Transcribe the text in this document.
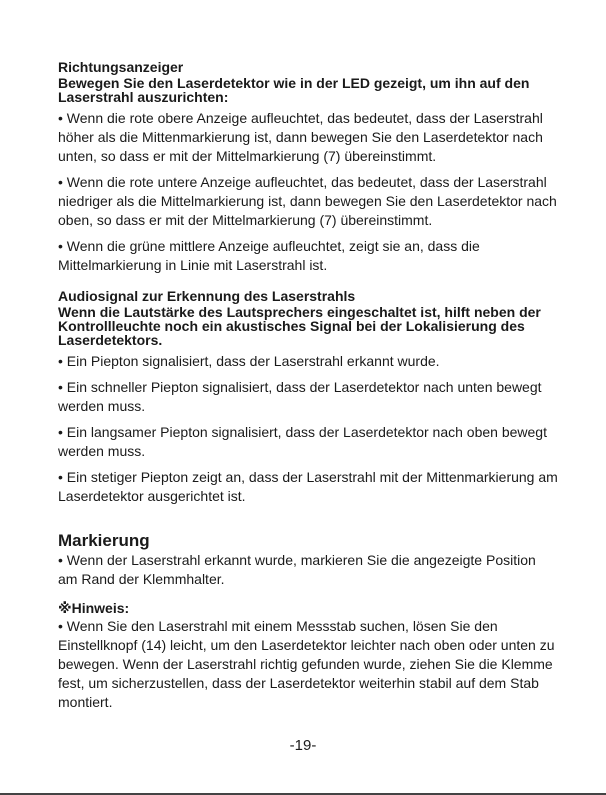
Richtungsanzeiger

Bewegen Sie den Laserdetektor wie in der LED gezeigt, um ihn auf den Laserstrahl auszurichten:

• Wenn die rote obere Anzeige aufleuchtet, das bedeutet, dass der Laserstrahl höher als die Mittenmarkierung ist, dann bewegen Sie den Laserdetektor nach unten, so dass er mit der Mittelmarkierung (7) übereinstimmt.

• Wenn die rote untere Anzeige aufleuchtet, das bedeutet, dass der Laserstrahl niedriger als die Mittelmarkierung ist, dann bewegen Sie den Laserdetektor nach oben, so dass er mit der Mittelmarkierung (7) übereinstimmt.

• Wenn die grüne mittlere Anzeige aufleuchtet, zeigt sie an, dass die Mittelmarkierung in Linie mit Laserstrahl ist.

Audiosignal zur Erkennung des Laserstrahls

Wenn die Lautstärke des Lautsprechers eingeschaltet ist, hilft neben der Kontrollleuchte noch ein akustisches Signal bei der Lokalisierung des Laserdetektors.

• Ein Piepton signalisiert, dass der Laserstrahl erkannt wurde.

• Ein schneller Piepton signalisiert, dass der Laserdetektor nach unten bewegt werden muss.

• Ein langsamer Piepton signalisiert, dass der Laserdetektor nach oben bewegt werden muss.

• Ein stetiger Piepton zeigt an, dass der Laserstrahl mit der Mittenmarkierung am Laserdetektor ausgerichtet ist.

Markierung

• Wenn der Laserstrahl erkannt wurde, markieren Sie die angezeigte Position am Rand der Klemmhalter.

※Hinweis:

• Wenn Sie den Laserstrahl mit einem Messstab suchen, lösen Sie den Einstellknopf (14) leicht, um den Laserdetektor leichter nach oben oder unten zu bewegen. Wenn der Laserstrahl richtig gefunden wurde, ziehen Sie die Klemme fest, um sicherzustellen, dass der Laserdetektor weiterhin stabil auf dem Stab montiert.

-19-
